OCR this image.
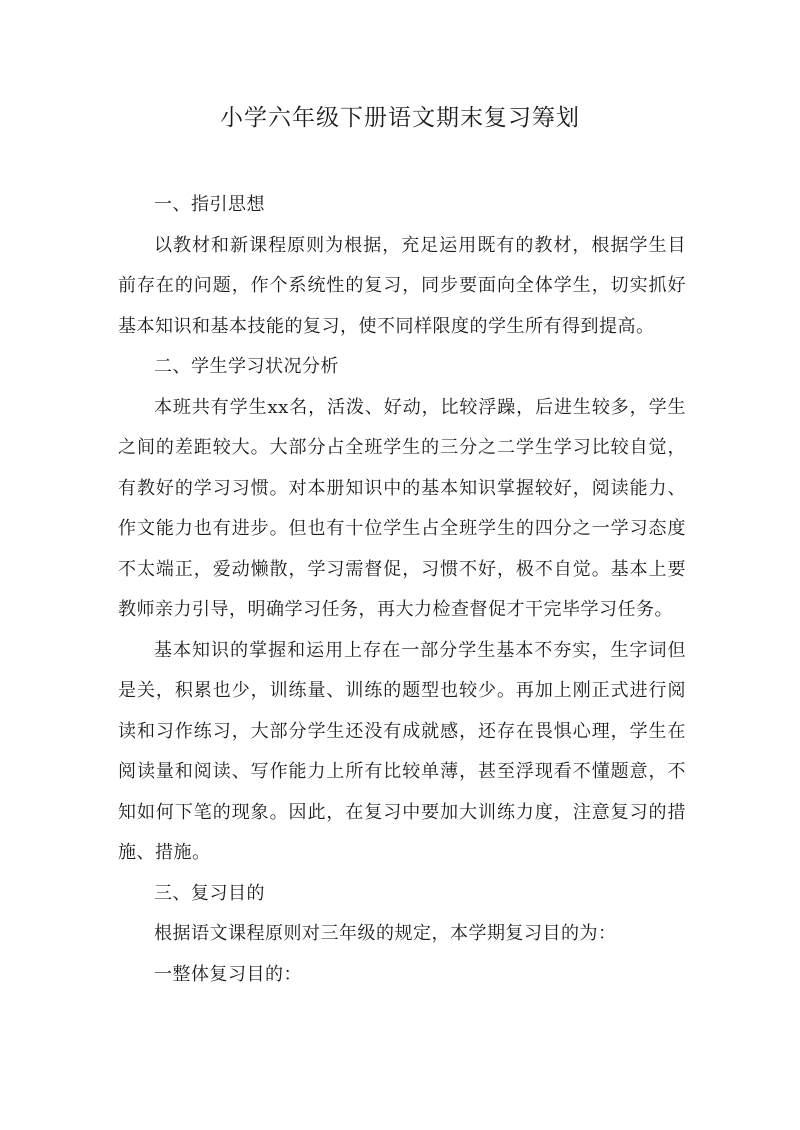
小学六年级下册语文期末复习筹划

一、指引思想

以教材和新课程原则为根据，充足运用既有的教材，根据学生目前存在的问题，作个系统性的复习，同步要面向全体学生，切实抓好基本知识和基本技能的复习，使不同样限度的学生所有得到提高。

二、学生学习状况分析

本班共有学生xx名，活泼、好动，比较浮躁，后进生较多，学生之间的差距较大。大部分占全班学生的三分之二学生学习比较自觉，有教好的学习习惯。对本册知识中的基本知识掌握较好，阅读能力、作文能力也有进步。但也有十位学生占全班学生的四分之一学习态度不太端正，爱动懒散，学习需督促，习惯不好，极不自觉。基本上要教师亲力引导，明确学习任务，再大力检查督促才干完毕学习任务。

基本知识的掌握和运用上存在一部分学生基本不夯实，生字词但是关，积累也少，训练量、训练的题型也较少。再加上刚正式进行阅读和习作练习，大部分学生还没有成就感，还存在畏惧心理，学生在阅读量和阅读、写作能力上所有比较单薄，甚至浮现看不懂题意，不知如何下笔的现象。因此，在复习中要加大训练力度，注意复习的措施、措施。

三、复习目的

根据语文课程原则对三年级的规定，本学期复习目的为：

一整体复习目的：
